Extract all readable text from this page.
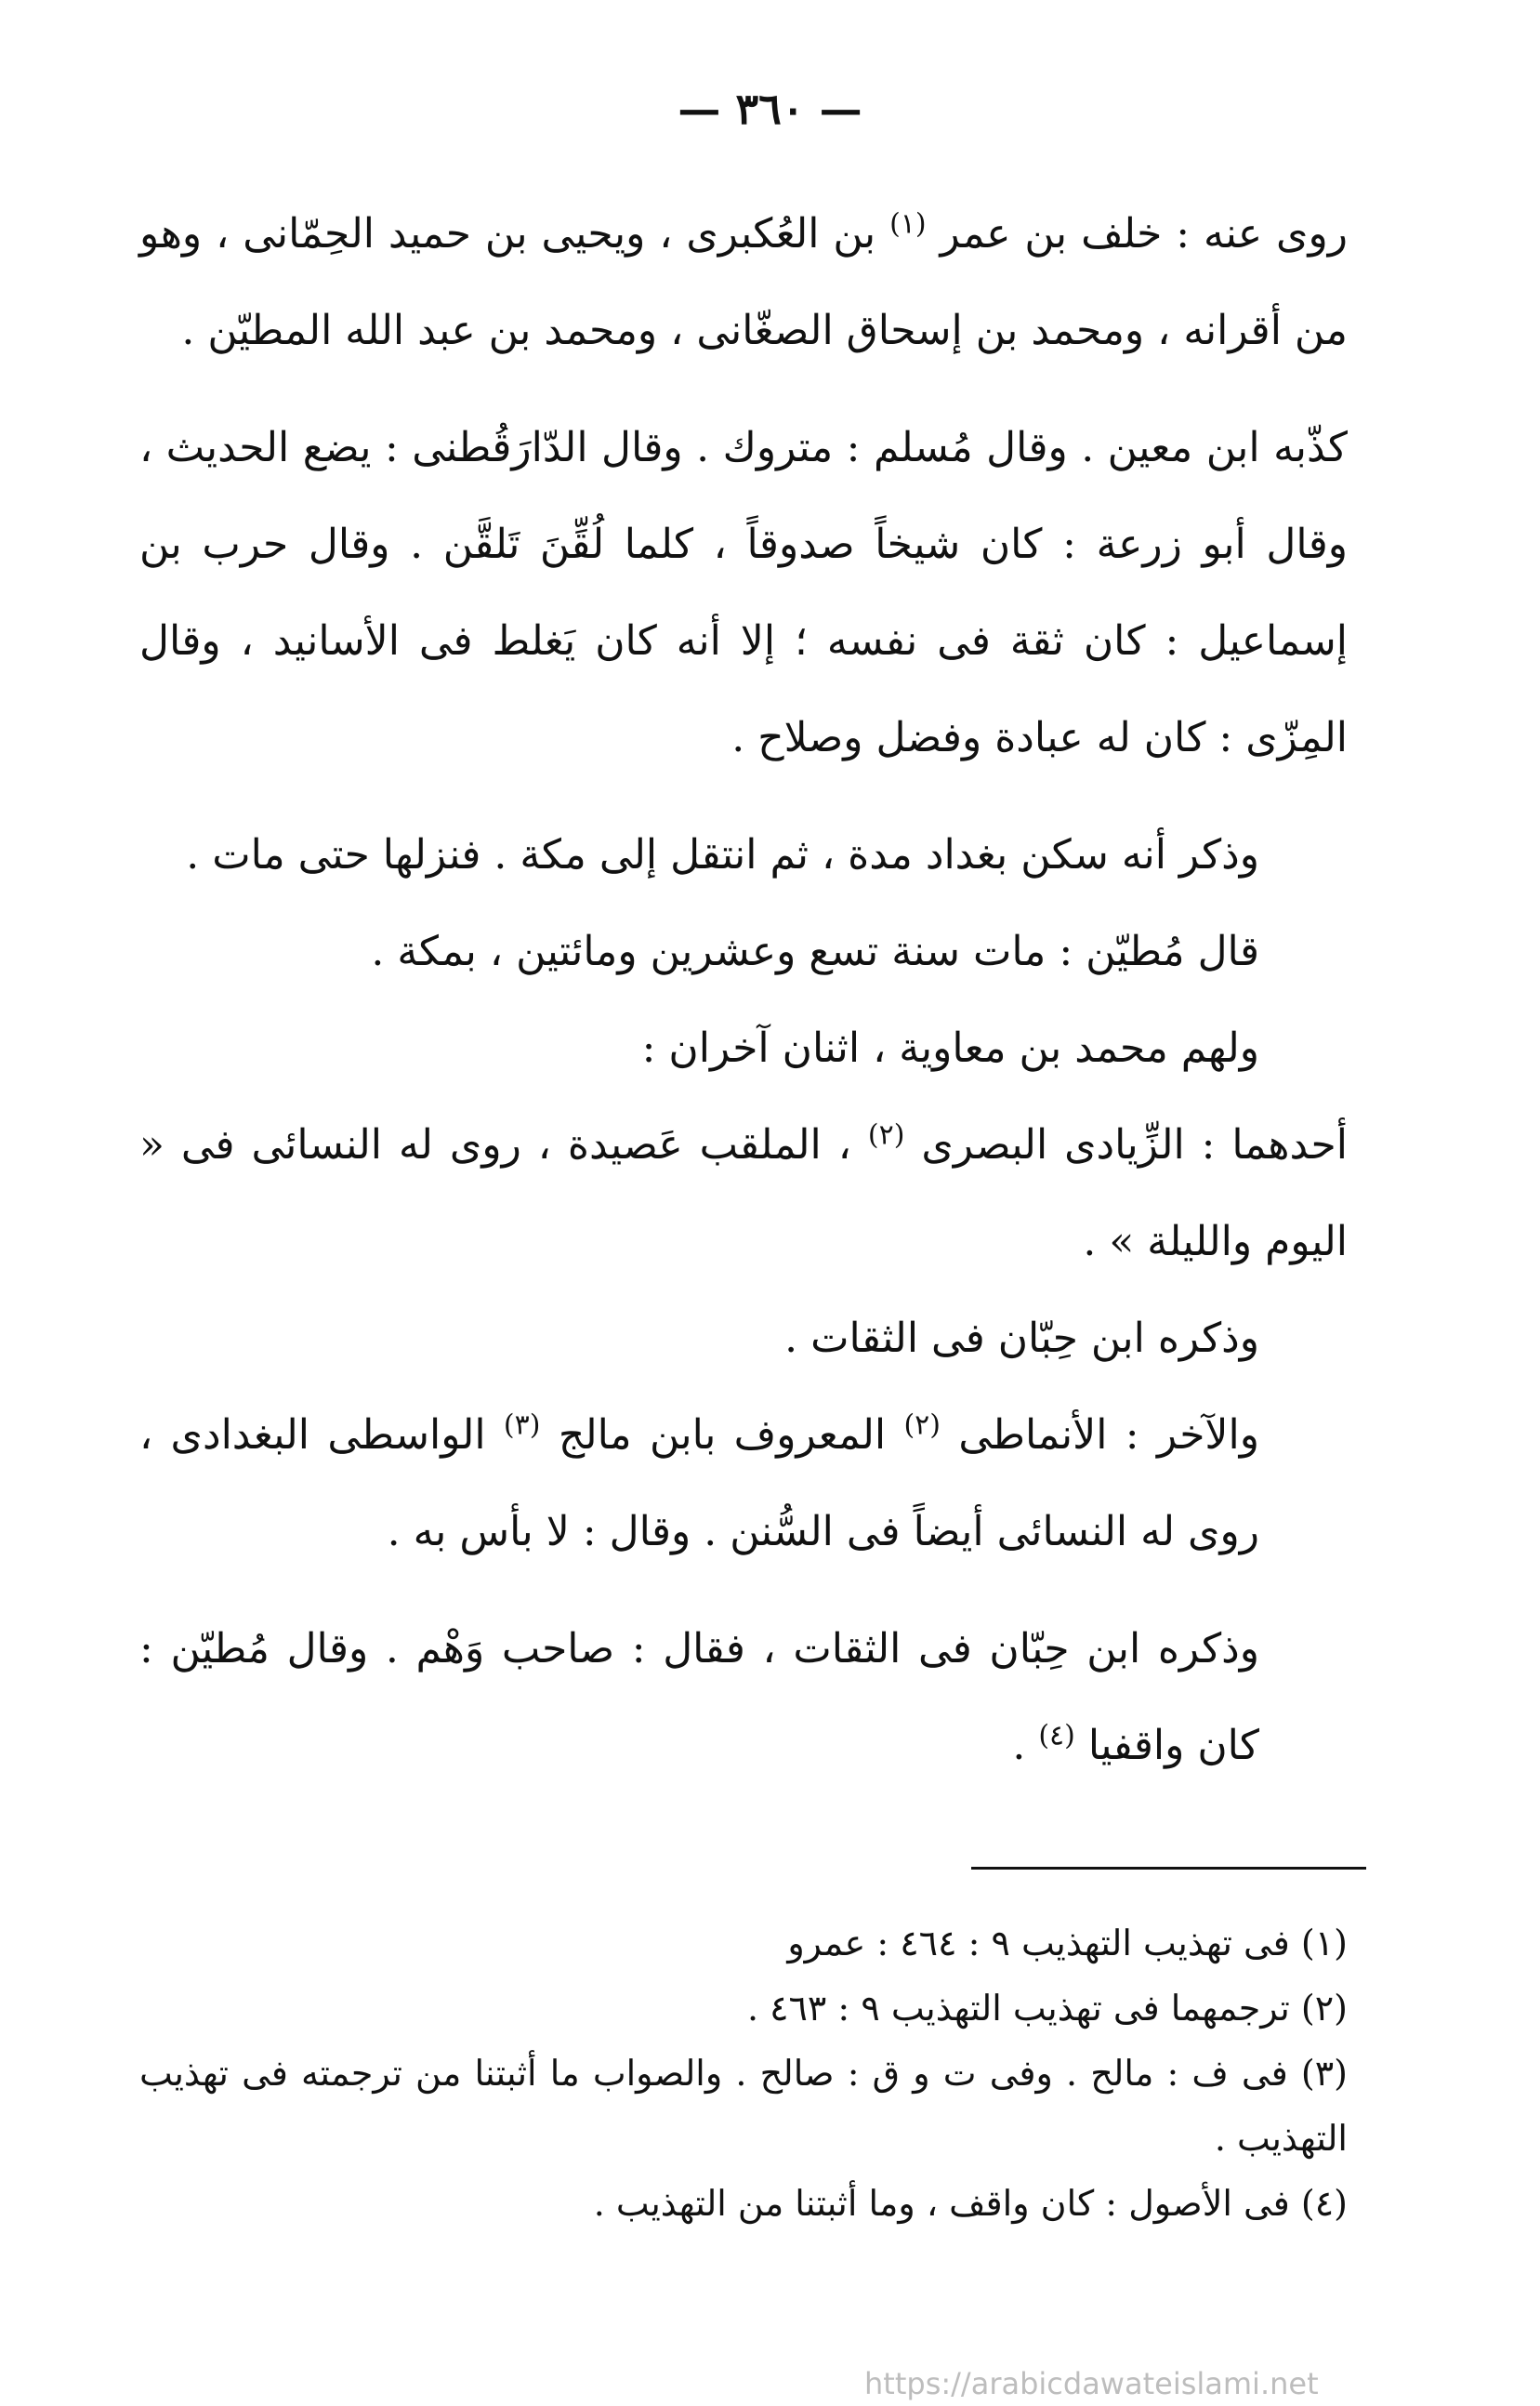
— ٣٦٠ —

روى عنه : خلف بن عمر $^{(١)}$ بن العُكبرى ، ويحيى بن حميد الحِمّانى ، وهو من أقرانه ، ومحمد بن إسحاق الصغّانى ، ومحمد بن عبد الله المطيّن .

كذّبه ابن معين . وقال مُسلم : متروك . وقال الدّارَقُطنى : يضع الحديث ، وقال أبو زرعة : كان شيخاً صدوقاً ، كلما لُقِّنَ تَلقَّن . وقال حرب بن إسماعيل : كان ثقة فى نفسه ؛ إلا أنه كان يَغلط فى الأسانيد ، وقال المِزّى : كان له عبادة وفضل وصلاح .

وذكر أنه سكن بغداد مدة ، ثم انتقل إلى مكة . فنزلها حتى مات .

قال مُطيّن : مات سنة تسع وعشرين ومائتين ، بمكة .

ولهم محمد بن معاوية ، اثنان آخران :

أحدهما : الزِّيادى البصرى $^{(٢)}$ ، الملقب عَصيدة ، روى له النسائى فى « اليوم والليلة » .

وذكره ابن حِبّان فى الثقات .

والآخر : الأنماطى $^{(٢)}$ المعروف بابن مالج $^{(٣)}$ الواسطى البغدادى ، روى له النسائى أيضاً فى السُّنن . وقال : لا بأس به .

وذكره ابن حِبّان فى الثقات ، فقال : صاحب وَهْم . وقال مُطيّن : كان واقفيا $^{(٤)}$ .

(١) فى تهذيب التهذيب ٩ : ٤٦٤ : عمرو

(٢) ترجمهما فى تهذيب التهذيب ٩ : ٤٦٣ .

(٣) فى ف : مالح . وفى ت و ق : صالح . والصواب ما أثبتنا من ترجمته فى تهذيب التهذيب .

(٤) فى الأصول : كان واقف ، وما أثبتنا من التهذيب .

https://arabicdawateislami.net
